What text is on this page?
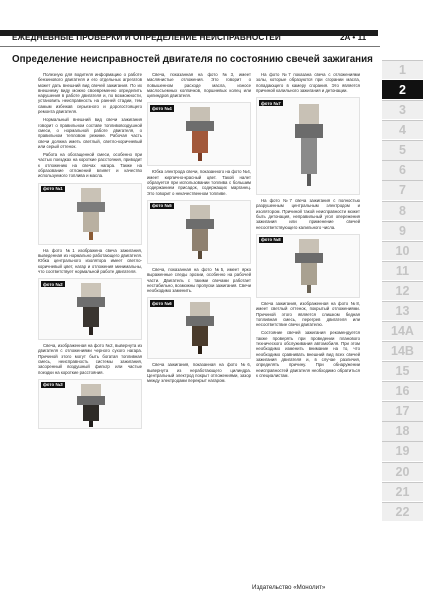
ЕЖЕДНЕВНЫЕ ПРОВЕРКИ И ОПРЕДЕЛЕНИЕ НЕИСПРАВНОСТЕЙ	2A • 11
Определение неисправностей двигателя по состоянию свечей зажигания

Полезную для водителя информацию о работе бензинового двигателя и его отдельных агрегатов может дать внешний вид свечей зажигания. По их внешнему виду можно своевременно определить нарушения в работе двигателя и, по возможности, установить неисправность на ранней стадии, тем самым избежав серьезного и дорогостоящего ремонта двигателя.

Нормальный внешний вид свечи зажигания говорит о правильном составе топливовоздушной смеси, о нормальной работе двигателя, о правильном тепловом режиме. Рабочая часть свечи должна иметь светлый, светло-коричневый или серый оттенок.

Работа на обогащенной смеси, особенно при частых поездках на короткие расстояния, приводит к отложению на свечах нагара. Также на образование отложений влияет и качество используемого топлива и масла.

фото №1

На фото №1 изображена свеча зажигания, выведенная из нормально работающего двигателя. Юбка центрального изолятора имеет светло-коричневый цвет, нагар и отложения минимальны, что соответствует нормальной работе двигателя.

фото №2

Свеча, изображенная на фото №2, вывернута из двигателя с отложениями черного сухого нагара. Причиной этого могут быть богатая топливная смесь, неисправность системы зажигания, засоренный воздушный фильтр или частые поездки на короткие расстояния.

фото №3

Свеча, показанная на фото №3, имеет маслянистые отложения. Это говорит о повышенном расходе масла, износе маслосъемных колпачков, поршневых колец или цилиндров двигателя.

фото №4

Юбка электрода свечи, показанного на фото №4, имеет кирпично-красный цвет. Такой налет образуется при использовании топлива с большим содержанием присадок, содержащих марганец. Это говорит о некачественном топливе.

фото №5

Свеча, показанная на фото №5, имеет ярко выраженные следы эрозии, особенно на рабочей части. Двигатель с такими свечами работает нестабильно, возможны пропуски зажигания. Свечи необходимо заменить.

фото №6

Свеча зажигания, показанная на фото №6, вывернута из неработающего цилиндра. Центральный электрод покрыт отложениями, зазор между электродами перекрыт нагаром.

На фото №7 показана свеча с отложениями золы, которые образуются при сгорании масла, попадающего в камеру сгорания. Это является причиной калильного зажигания и детонации.

фото №7

На фото №7 свеча зажигания с полностью разрушенным центральным электродом и изолятором. Причиной такой неисправности может быть детонация, неправильный угол опережения зажигания или применение свечей несоответствующего калильного числа.

фото №8

Свеча зажигания, изображенная на фото №8, имеет светлый оттенок, покрытый отложениями. Причиной этого является слишком бедная топливная смесь, перегрев двигателя или несоответствие свечи двигателю.

Состояние свечей зажигания рекомендуется также проверять при проведении планового технического обслуживания автомобиля. При этом необходимо изменить внимание на то, что необходимо сравнивать внешний вид всех свечей зажигания двигателя и, в случае различия, определять причину. При обнаружении неисправностей двигателя необходимо обратиться к специалистам.

1
2
3
4
5
6
7
8
9
10
11
12
13
14A
14B
15
16
17
18
19
20
21
22
Издательство «Монолит»
